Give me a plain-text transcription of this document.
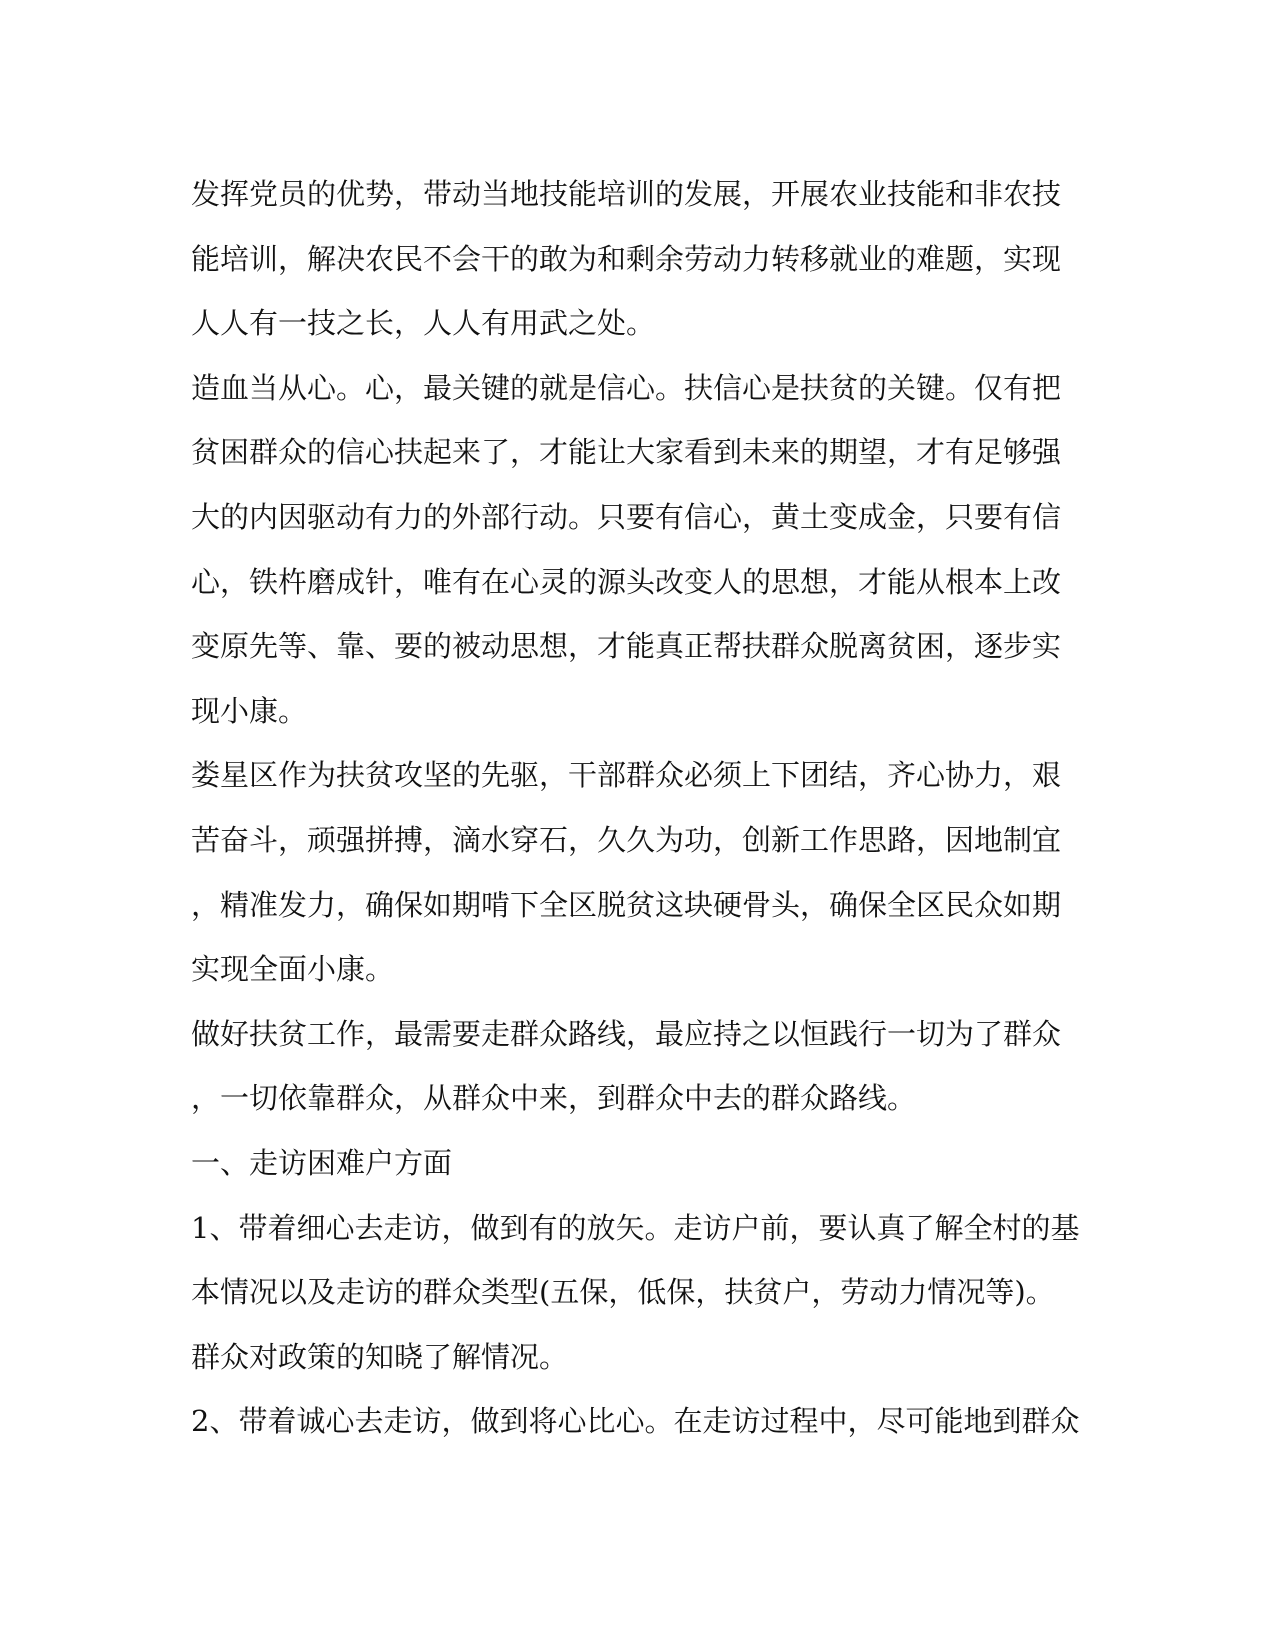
发挥党员的优势，带动当地技能培训的发展，开展农业技能和非农技

能培训，解决农民不会干的敢为和剩余劳动力转移就业的难题，实现

人人有一技之长，人人有用武之处。

造血当从心。心，最关键的就是信心。扶信心是扶贫的关键。仅有把

贫困群众的信心扶起来了，才能让大家看到未来的期望，才有足够强

大的内因驱动有力的外部行动。只要有信心，黄土变成金，只要有信

心，铁杵磨成针，唯有在心灵的源头改变人的思想，才能从根本上改

变原先等、靠、要的被动思想，才能真正帮扶群众脱离贫困，逐步实

现小康。

娄星区作为扶贫攻坚的先驱，干部群众必须上下团结，齐心协力，艰

苦奋斗，顽强拼搏，滴水穿石，久久为功，创新工作思路，因地制宜

，精准发力，确保如期啃下全区脱贫这块硬骨头，确保全区民众如期

实现全面小康。

做好扶贫工作，最需要走群众路线，最应持之以恒践行一切为了群众

，一切依靠群众，从群众中来，到群众中去的群众路线。

一、走访困难户方面

1、带着细心去走访，做到有的放矢。走访户前，要认真了解全村的基

本情况以及走访的群众类型(五保，低保，扶贫户，劳动力情况等)。

群众对政策的知晓了解情况。

2、带着诚心去走访，做到将心比心。在走访过程中，尽可能地到群众
